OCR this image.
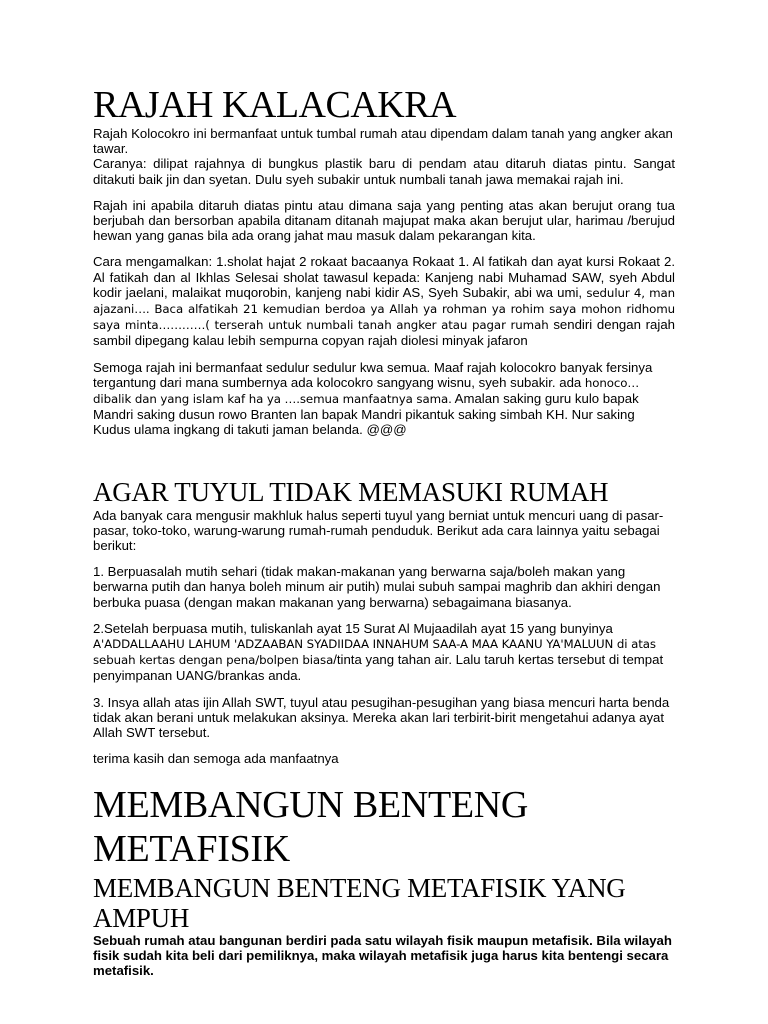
RAJAH KALACAKRA

Rajah Kolocokro ini bermanfaat untuk tumbal rumah atau dipendam dalam tanah yang angker akan tawar.
Caranya: dilipat rajahnya di bungkus plastik baru di pendam atau ditaruh diatas pintu. Sangat ditakuti baik jin dan syetan. Dulu syeh subakir untuk numbali tanah jawa memakai rajah ini.

Rajah ini apabila ditaruh diatas pintu atau dimana saja yang penting atas akan berujut orang tua berjubah dan bersorban apabila ditanam ditanah majupat maka akan berujut ular, harimau /berujud hewan yang ganas bila ada orang jahat mau masuk dalam pekarangan kita.

Cara mengamalkan: 1.sholat hajat 2 rokaat bacaanya Rokaat 1. Al fatikah dan ayat kursi Rokaat 2. Al fatikah dan al Ikhlas Selesai sholat tawasul kepada: Kanjeng nabi Muhamad SAW, syeh Abdul kodir jaelani, malaikat muqorobin, kanjeng nabi kidir AS, Syeh Subakir, abi wa umi, sedulur 4, man ajazani…. Baca alfatikah 21 kemudian berdoa ya Allah ya rohman ya rohim saya mohon ridhomu saya minta…………( terserah untuk numbali tanah angker atau pagar rumah sendiri dengan rajah sambil dipegang kalau lebih sempurna copyan rajah diolesi minyak jafaron

Semoga rajah ini bermanfaat sedulur sedulur kwa semua. Maaf rajah kolocokro banyak fersinya tergantung dari mana sumbernya ada kolocokro sangyang wisnu, syeh subakir. ada honoco…dibalik dan yang islam kaf ha ya ….semua manfaatnya sama. Amalan saking guru kulo bapak Mandri saking dusun rowo Branten lan bapak Mandri pikantuk saking simbah KH. Nur saking Kudus ulama ingkang di takuti jaman belanda. @@@

AGAR TUYUL TIDAK MEMASUKI RUMAH

Ada banyak cara mengusir makhluk halus seperti tuyul yang berniat untuk mencuri uang di pasar-pasar, toko-toko, warung-warung rumah-rumah penduduk. Berikut ada cara lainnya yaitu sebagai berikut:

1. Berpuasalah mutih sehari (tidak makan-makanan yang berwarna saja/boleh makan yang berwarna putih dan hanya boleh minum air putih) mulai subuh sampai maghrib dan akhiri dengan berbuka puasa (dengan makan makanan yang berwarna) sebagaimana biasanya.

2.Setelah berpuasa mutih, tuliskanlah ayat 15 Surat Al Mujaadilah ayat 15 yang bunyinya A'ADDALLAAHU LAHUM 'ADZAABAN SYADIIDAA INNAHUM SAA-A MAA KAANU YA'MALUUN di atas sebuah kertas dengan pena/bolpen biasa/tinta yang tahan air. Lalu taruh kertas tersebut di tempat penyimpanan UANG/brankas anda.

3. Insya allah atas ijin Allah SWT, tuyul atau pesugihan-pesugihan yang biasa mencuri harta benda tidak akan berani untuk melakukan aksinya. Mereka akan lari terbirit-birit mengetahui adanya ayat Allah SWT tersebut.

terima kasih dan semoga ada manfaatnya

MEMBANGUN BENTENG METAFISIK
MEMBANGUN BENTENG METAFISIK YANG AMPUH

Sebuah rumah atau bangunan berdiri pada satu wilayah fisik maupun metafisik. Bila wilayah fisik sudah kita beli dari pemiliknya, maka wilayah metafisik juga harus kita bentengi secara metafisik.
